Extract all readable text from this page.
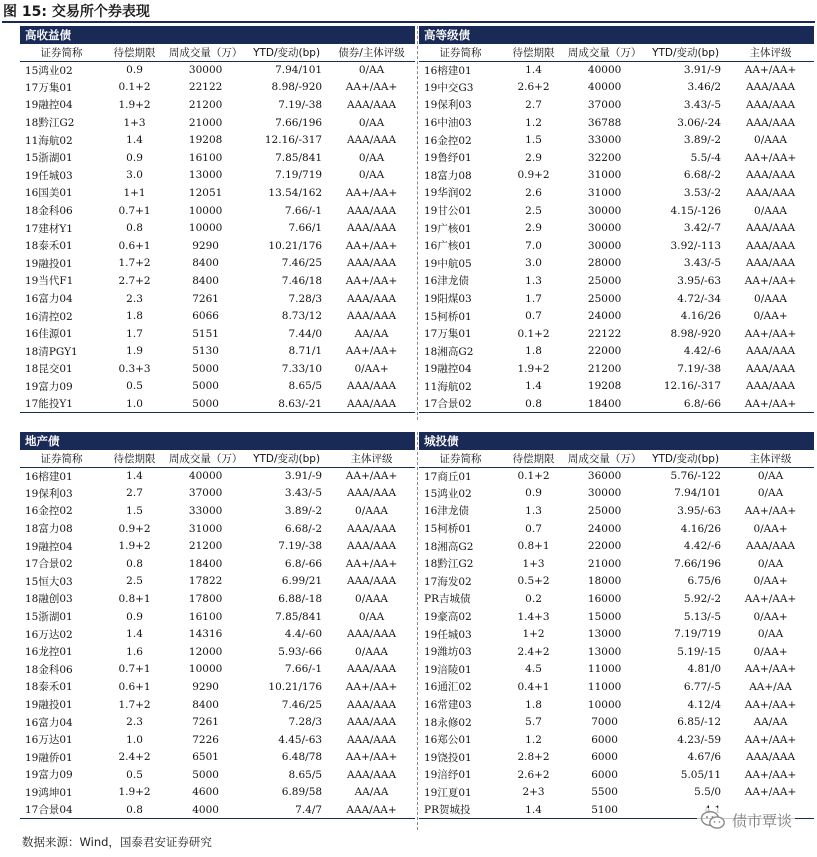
图 15: 交易所个券表现
高收益债
证券简称	待偿期限	周成交量（万）	YTD/变动(bp)	债券/主体评级
15鸿业02	0.9	30000	7.94/101	0/AA
17万集01	0.1+2	22122	8.98/-920	AA+/AA+
19融控04	1.9+2	21200	7.19/-38	AAA/AAA
18黔江G2	1+3	21000	7.66/196	0/AA
11海航02	1.4	19208	12.16/-317	AAA/AAA
15浙湖01	0.9	16100	7.85/841	0/AA
19任城03	3.0	13000	7.19/719	0/AA
16国美01	1+1	12051	13.54/162	AA+/AA+
18金科06	0.7+1	10000	7.66/-1	AAA/AAA
17建材Y1	0.8	10000	7.66/1	AAA/AAA
18泰禾01	0.6+1	9290	10.21/176	AA+/AA+
19融投01	1.7+2	8400	7.46/25	AAA/AAA
19当代F1	2.7+2	8400	7.46/18	AA+/AA+
16富力04	2.3	7261	7.28/3	AAA/AAA
16清控02	1.8	6066	8.73/12	AAA/AAA
16佳源01	1.7	5151	7.44/0	AA/AA
18清PGY1	1.9	5130	8.71/1	AA+/AA+
18昆交01	0.3+3	5000	7.33/10	0/AA+
19富力09	0.5	5000	8.65/5	AAA/AAA
17能投Y1	1.0	5000	8.63/-21	AAA/AAA
高等级债
证券简称	待偿期限	周成交量（万）	YTD/变动(bp)	主体评级
16榕建01	1.4	40000	3.91/-9	AA+/AA+
19中交G3	2.6+2	40000	3.46/2	AAA/AAA
19保利03	2.7	37000	3.43/-5	AAA/AAA
16中油03	1.2	36788	3.06/-24	AAA/AAA
16金控02	1.5	33000	3.89/-2	0/AAA
19鲁纾01	2.9	32200	5.5/-4	AA+/AA+
18富力08	0.9+2	31000	6.68/-2	AAA/AAA
19华润02	2.6	31000	3.53/-2	AAA/AAA
19甘公01	2.5	30000	4.15/-126	0/AAA
19广核01	2.9	30000	3.42/-7	AAA/AAA
16广核01	7.0	30000	3.92/-113	AAA/AAA
19中航05	3.0	28000	3.43/-5	AAA/AAA
16津龙债	1.3	25000	3.95/-63	AA+/AA+
19阳煤03	1.7	25000	4.72/-34	0/AAA
15柯桥01	0.7	24000	4.16/26	0/AA+
17万集01	0.1+2	22122	8.98/-920	AA+/AA+
18湘高G2	1.8	22000	4.42/-6	AAA/AAA
19融控04	1.9+2	21200	7.19/-38	AAA/AAA
11海航02	1.4	19208	12.16/-317	AAA/AAA
17合景02	0.8	18400	6.8/-66	AA+/AA+
地产债
证券简称	待偿期限	周成交量（万）	YTD/变动(bp)	主体评级
16榕建01	1.4	40000	3.91/-9	AA+/AA+
19保利03	2.7	37000	3.43/-5	AAA/AAA
16金控02	1.5	33000	3.89/-2	0/AAA
18富力08	0.9+2	31000	6.68/-2	AAA/AAA
19融控04	1.9+2	21200	7.19/-38	AAA/AAA
17合景02	0.8	18400	6.8/-66	AA+/AA+
15恒大03	2.5	17822	6.99/21	AAA/AAA
18融创03	0.8+1	17800	6.88/-18	0/AAA
15浙湖01	0.9	16100	7.85/841	0/AA
16万达02	1.4	14316	4.4/-60	AAA/AAA
16龙控01	1.6	12000	5.93/-66	0/AAA
18金科06	0.7+1	10000	7.66/-1	AAA/AAA
18泰禾01	0.6+1	9290	10.21/176	AA+/AA+
19融投01	1.7+2	8400	7.46/25	AAA/AAA
16富力04	2.3	7261	7.28/3	AAA/AAA
16万达01	1.0	7226	4.45/-63	AAA/AAA
19融侨01	2.4+2	6501	6.48/78	AA+/AA+
19富力09	0.5	5000	8.65/5	AAA/AAA
19鸿坤01	1.9+2	4600	6.89/58	AA/AA
17合景04	0.8	4000	7.4/7	AAA/AA+
城投债
证券简称	待偿期限	周成交量（万）	YTD/变动(bp)	主体评级
17商丘01	0.1+2	36000	5.76/-122	0/AA
15鸿业02	0.9	30000	7.94/101	0/AA
16津龙债	1.3	25000	3.95/-63	AA+/AA+
15柯桥01	0.7	24000	4.16/26	0/AA+
18湘高G2	0.8+1	22000	4.42/-6	AAA/AAA
18黔江G2	1+3	21000	7.66/196	0/AA
17海发02	0.5+2	18000	6.75/6	0/AA+
PR吉城债	0.2	16000	5.92/-2	AA+/AA+
19豪高02	1.4+3	15000	5.13/-5	0/AA+
19任城03	1+2	13000	7.19/719	0/AA
19潍坊03	2.4+2	13000	5.19/-15	0/AA+
19涪陵01	4.5	11000	4.81/0	AA+/AA+
16通汇02	0.4+1	11000	6.77/-5	AA+/AA
16常建03	1.8	10000	4.12/4	AA+/AA+
18永修02	5.7	7000	6.85/-12	AA/AA
16郑公01	1.2	6000	4.23/-59	AA+/AA+
19饶投01	2.8+2	6000	4.67/6	AAA/AAA
19涪纾01	2.6+2	6000	5.05/11	AA+/AA+
19江夏01	2+3	5500	5.5/0	AA+/AA+
PR贺城投	1.4	5100		
数据来源：Wind，国泰君安证券研究
债市覃谈
